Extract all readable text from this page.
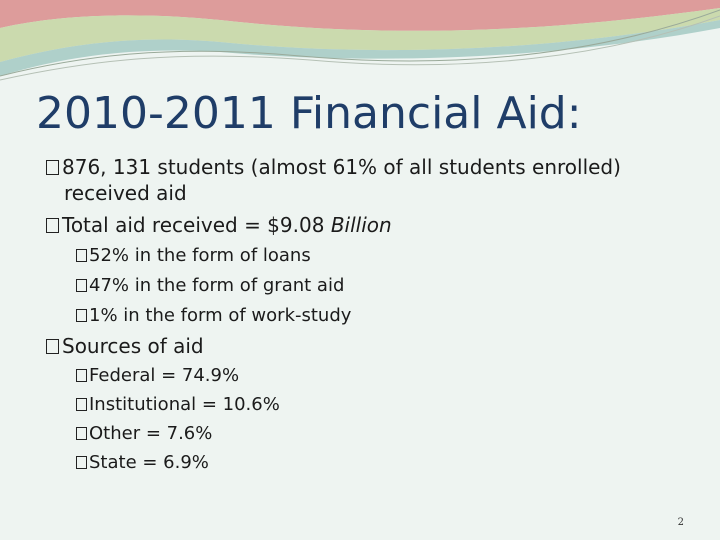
2010-2011 Financial Aid:
876, 131 students (almost 61% of all students enrolled)
received aid
Total aid received = $9.08 Billion
52% in the form of loans
47% in the form of grant aid
1% in the form of work-study
Sources of aid
Federal = 74.9%
Institutional = 10.6%
Other = 7.6%
State = 6.9%
2
